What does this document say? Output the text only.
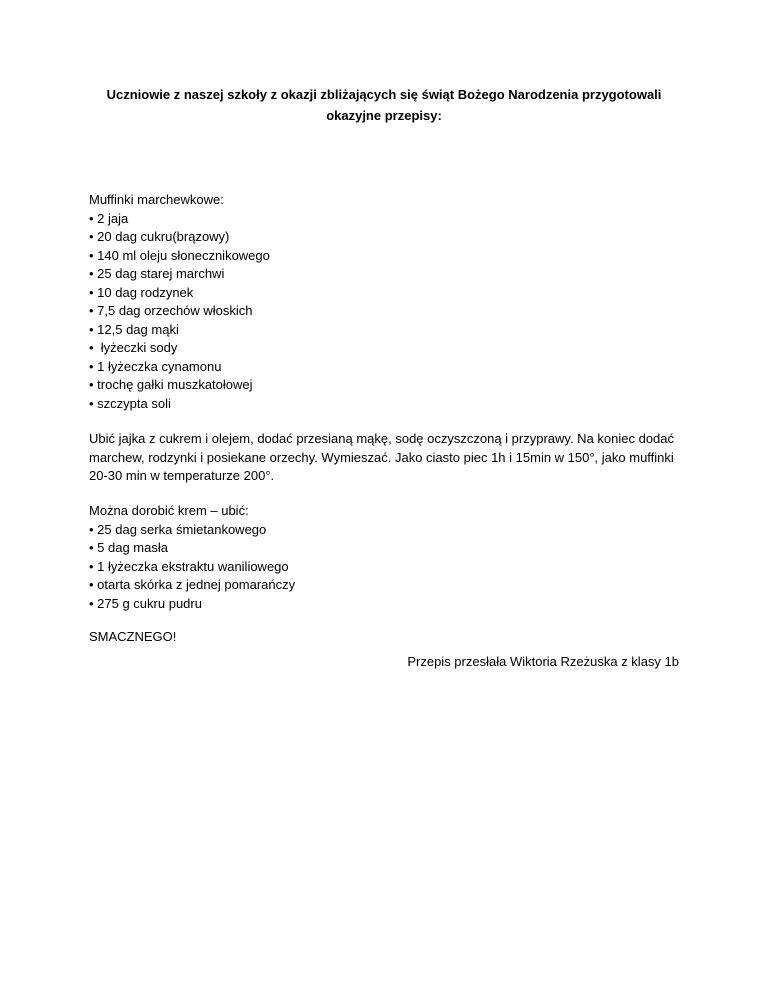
Uczniowie z naszej szkoły z okazji zbliżających się świąt Bożego Narodzenia przygotowali okazyjne przepisy:

Muffinki marchewkowe:
• 2 jaja
• 20 dag cukru(brązowy)
• 140 ml oleju słonecznikowego
• 25 dag starej marchwi
• 10 dag rodzynek
• 7,5 dag orzechów włoskich
• 12,5 dag mąki
•  łyżeczki sody
• 1 łyżeczka cynamonu
• trochę gałki muszkatołowej
• szczypta soli

Ubić jajka z cukrem i olejem, dodać przesianą mąkę, sodę oczyszczoną i przyprawy. Na koniec dodać marchew, rodzynki i posiekane orzechy. Wymieszać. Jako ciasto piec 1h i 15min w 150°, jako muffinki 20-30 min w temperaturze 200°.

Można dorobić krem – ubić:
• 25 dag serka śmietankowego
• 5 dag masła
• 1 łyżeczka ekstraktu waniliowego
• otarta skórka z jednej pomarańczy
• 275 g cukru pudru

SMACZNEGO!

Przepis przesłała Wiktoria Rzeżuska z klasy 1b
